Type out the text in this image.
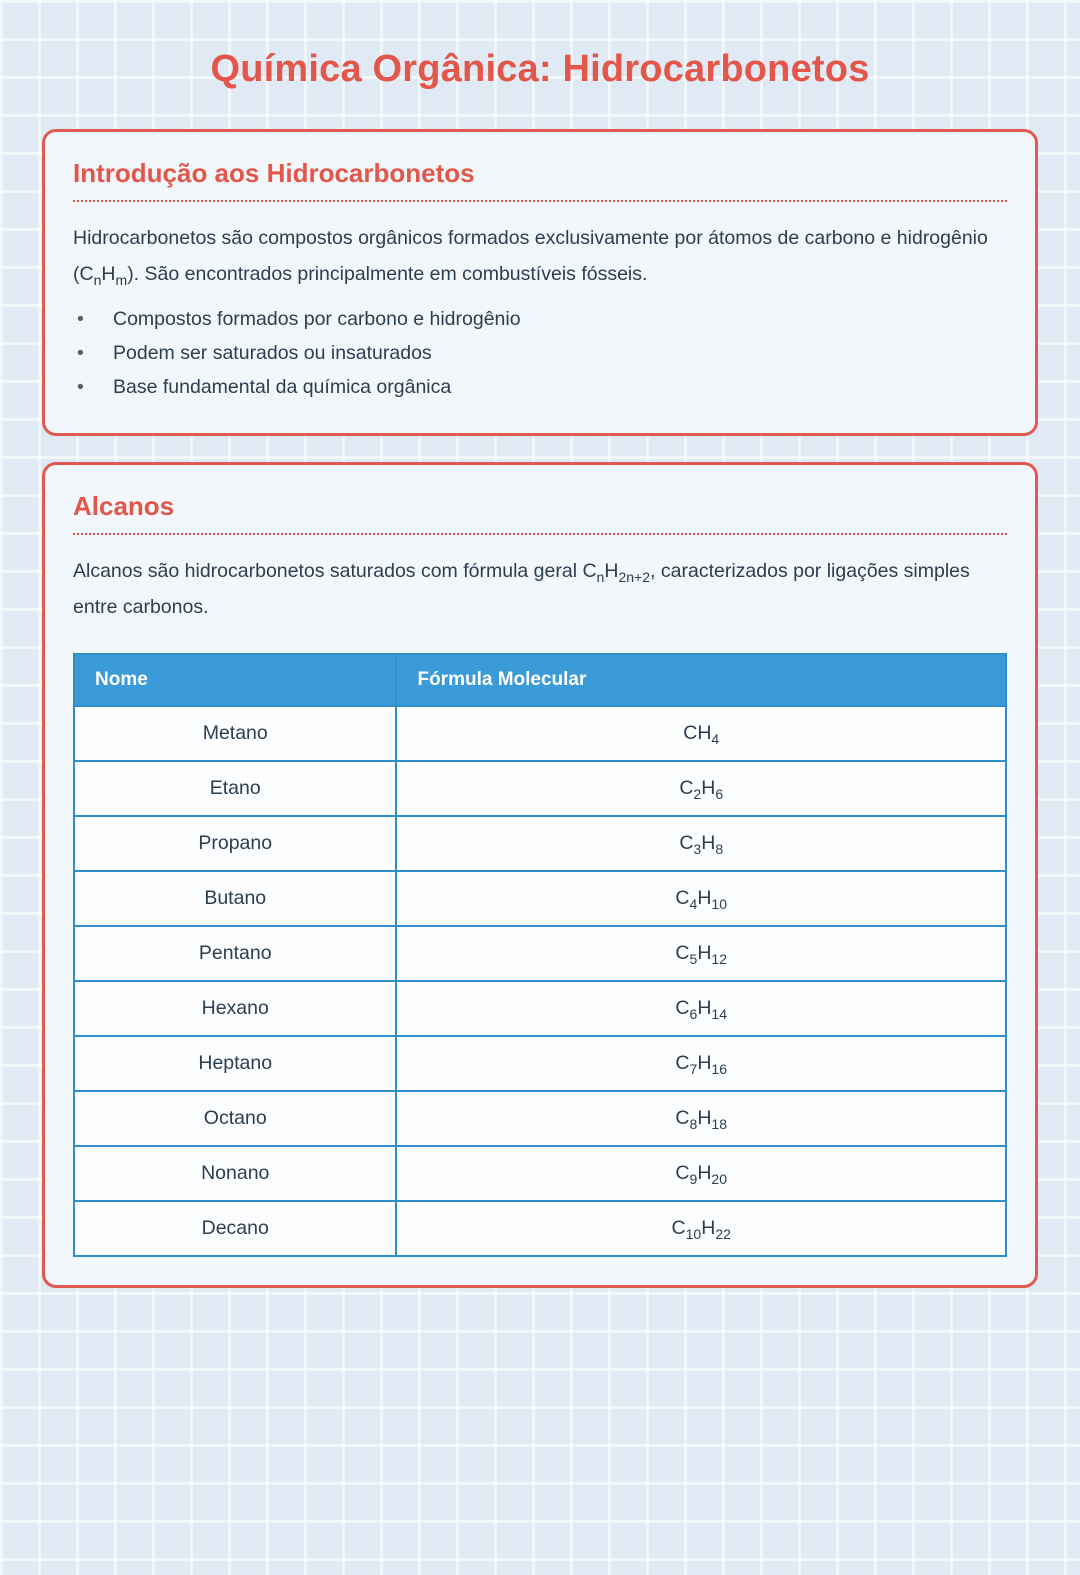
Química Orgânica: Hidrocarbonetos
Introdução aos Hidrocarbonetos

Hidrocarbonetos são compostos orgânicos formados exclusivamente por átomos de carbono e hidrogênio $(C_nH_m)$. São encontrados principalmente em combustíveis fósseis.

• Compostos formados por carbono e hidrogênio
• Podem ser saturados ou insaturados
• Base fundamental da química orgânica
Alcanos

Alcanos são hidrocarbonetos saturados com fórmula geral $C_nH_{2n+2}$, caracterizados por ligações simples entre carbonos.

Nome	Fórmula Molecular
Metano	$CH_4$
Etano	$C_2H_6$
Propano	$C_3H_8$
Butano	$C_4H_{10}$
Pentano	$C_5H_{12}$
Hexano	$C_6H_{14}$
Heptano	$C_7H_{16}$
Octano	$C_8H_{18}$
Nonano	$C_9H_{20}$
Decano	$C_{10}H_{22}$
